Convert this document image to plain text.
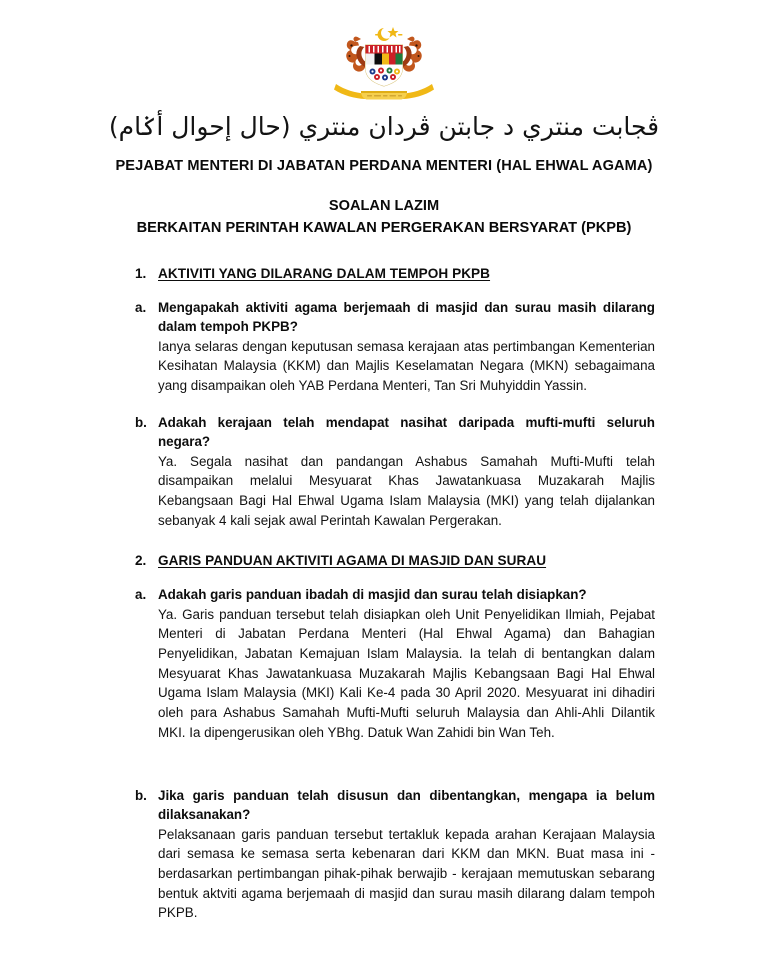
ڤجابت منتري د جابتن ڤردان منتري (حال إحوال أݢام)
PEJABAT MENTERI DI JABATAN PERDANA MENTERI (HAL EHWAL AGAMA)
SOALAN LAZIM
BERKAITAN PERINTAH KAWALAN PERGERAKAN BERSYARAT (PKPB)
1. AKTIVITI YANG DILARANG DALAM TEMPOH PKPB
a. Mengapakah aktiviti agama berjemaah di masjid dan surau masih dilarang dalam tempoh PKPB?

Ianya selaras dengan keputusan semasa kerajaan atas pertimbangan Kementerian Kesihatan Malaysia (KKM) dan Majlis Keselamatan Negara (MKN) sebagaimana yang disampaikan oleh YAB Perdana Menteri, Tan Sri Muhyiddin Yassin.

b. Adakah kerajaan telah mendapat nasihat daripada mufti-mufti seluruh negara?

Ya. Segala nasihat dan pandangan Ashabus Samahah Mufti-Mufti telah disampaikan melalui Mesyuarat Khas Jawatankuasa Muzakarah Majlis Kebangsaan Bagi Hal Ehwal Ugama Islam Malaysia (MKI) yang telah dijalankan sebanyak 4 kali sejak awal Perintah Kawalan Pergerakan.

2. GARIS PANDUAN AKTIVITI AGAMA DI MASJID DAN SURAU
a. Adakah garis panduan ibadah di masjid dan surau telah disiapkan?

Ya. Garis panduan tersebut telah disiapkan oleh Unit Penyelidikan Ilmiah, Pejabat Menteri di Jabatan Perdana Menteri (Hal Ehwal Agama) dan Bahagian Penyelidikan, Jabatan Kemajuan Islam Malaysia. Ia telah di bentangkan dalam Mesyuarat Khas Jawatankuasa Muzakarah Majlis Kebangsaan Bagi Hal Ehwal Ugama Islam Malaysia (MKI) Kali Ke-4 pada 30 April 2020. Mesyuarat ini dihadiri oleh para Ashabus Samahah Mufti-Mufti seluruh Malaysia dan Ahli-Ahli Dilantik MKI. Ia dipengerusikan oleh YBhg. Datuk Wan Zahidi bin Wan Teh.

b. Jika garis panduan telah disusun dan dibentangkan, mengapa ia belum dilaksanakan?

Pelaksanaan garis panduan tersebut tertakluk kepada arahan Kerajaan Malaysia dari semasa ke semasa serta kebenaran dari KKM dan MKN. Buat masa ini - berdasarkan pertimbangan pihak-pihak berwajib - kerajaan memutuskan sebarang bentuk aktviti agama berjemaah di masjid dan surau masih dilarang dalam tempoh PKPB.
